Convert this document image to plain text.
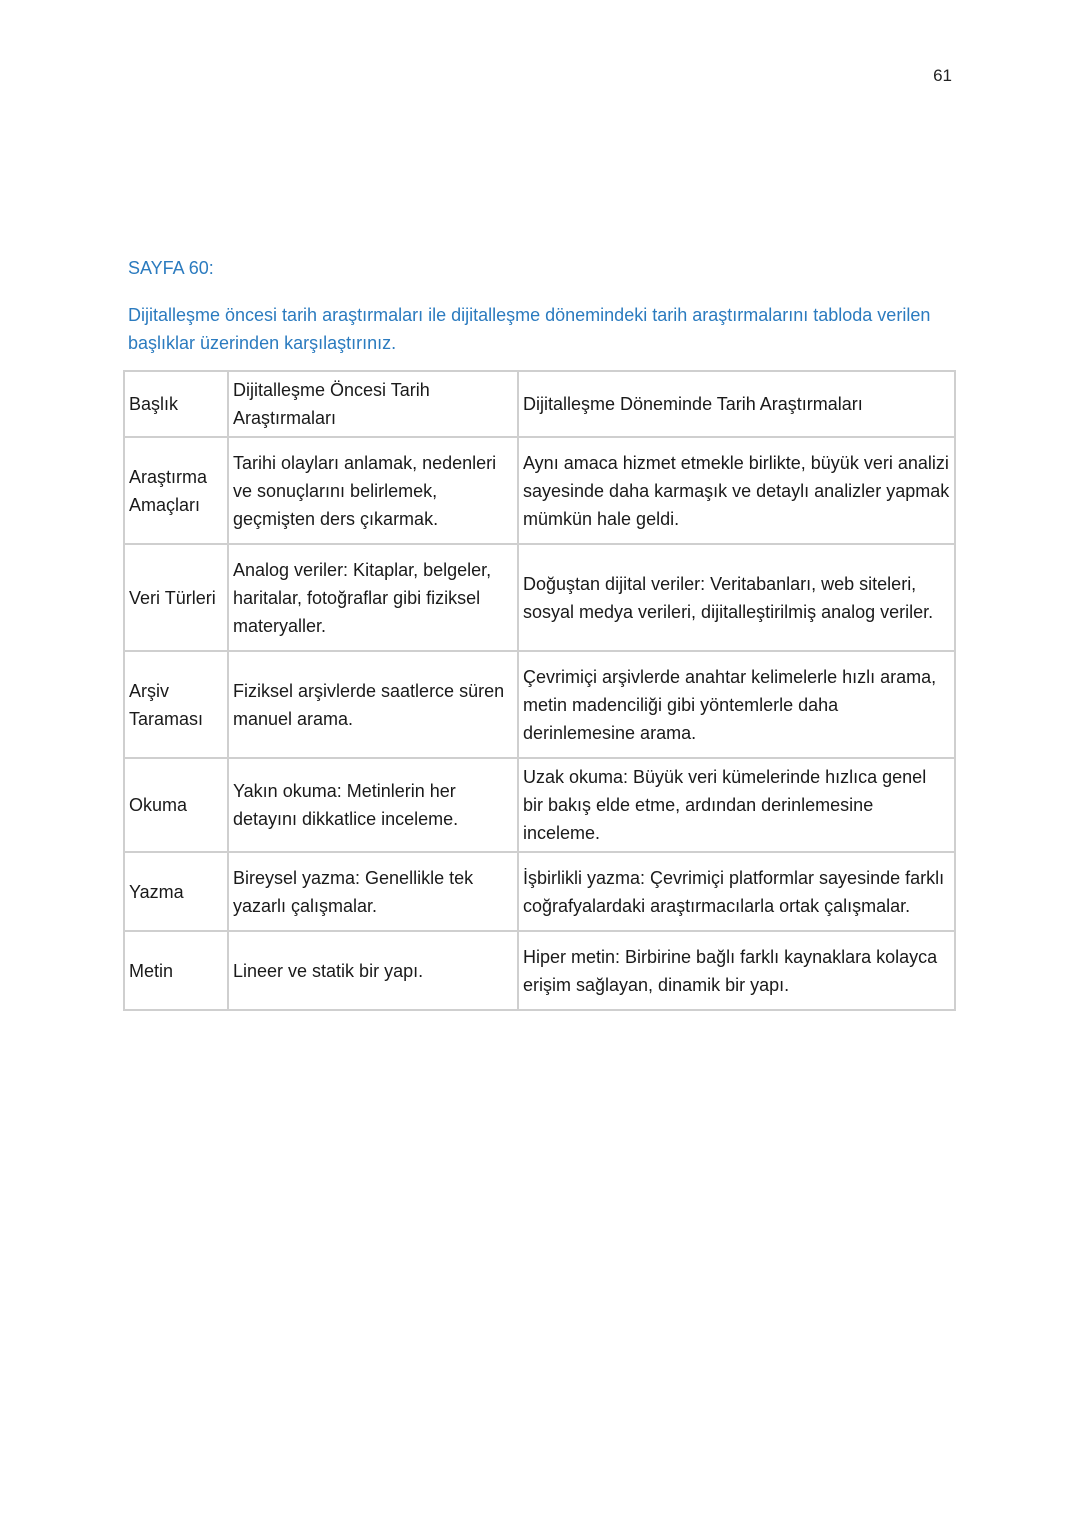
61
SAYFA 60:

Dijitalleşme öncesi tarih araştırmaları ile dijitalleşme dönemindeki tarih araştırmalarını tabloda verilen başlıklar üzerinden karşılaştırınız.

Başlık	Dijitalleşme Öncesi Tarih Araştırmaları	Dijitalleşme Döneminde Tarih Araştırmaları
Araştırma Amaçları	Tarihi olayları anlamak, nedenleri ve sonuçlarını belirlemek, geçmişten ders çıkarmak.	Aynı amaca hizmet etmekle birlikte, büyük veri analizi sayesinde daha karmaşık ve detaylı analizler yapmak mümkün hale geldi.
Veri Türleri	Analog veriler: Kitaplar, belgeler, haritalar, fotoğraflar gibi fiziksel materyaller.	Doğuştan dijital veriler: Veritabanları, web siteleri, sosyal medya verileri, dijitalleştirilmiş analog veriler.
Arşiv Taraması	Fiziksel arşivlerde saatlerce süren manuel arama.	Çevrimiçi arşivlerde anahtar kelimelerle hızlı arama, metin madenciliği gibi yöntemlerle daha derinlemesine arama.
Okuma	Yakın okuma: Metinlerin her detayını dikkatlice inceleme.	Uzak okuma: Büyük veri kümelerinde hızlıca genel bir bakış elde etme, ardından derinlemesine inceleme.
Yazma	Bireysel yazma: Genellikle tek yazarlı çalışmalar.	İşbirlikli yazma: Çevrimiçi platformlar sayesinde farklı coğrafyalardaki araştırmacılarla ortak çalışmalar.
Metin	Lineer ve statik bir yapı.	Hiper metin: Birbirine bağlı farklı kaynaklara kolayca erişim sağlayan, dinamik bir yapı.
